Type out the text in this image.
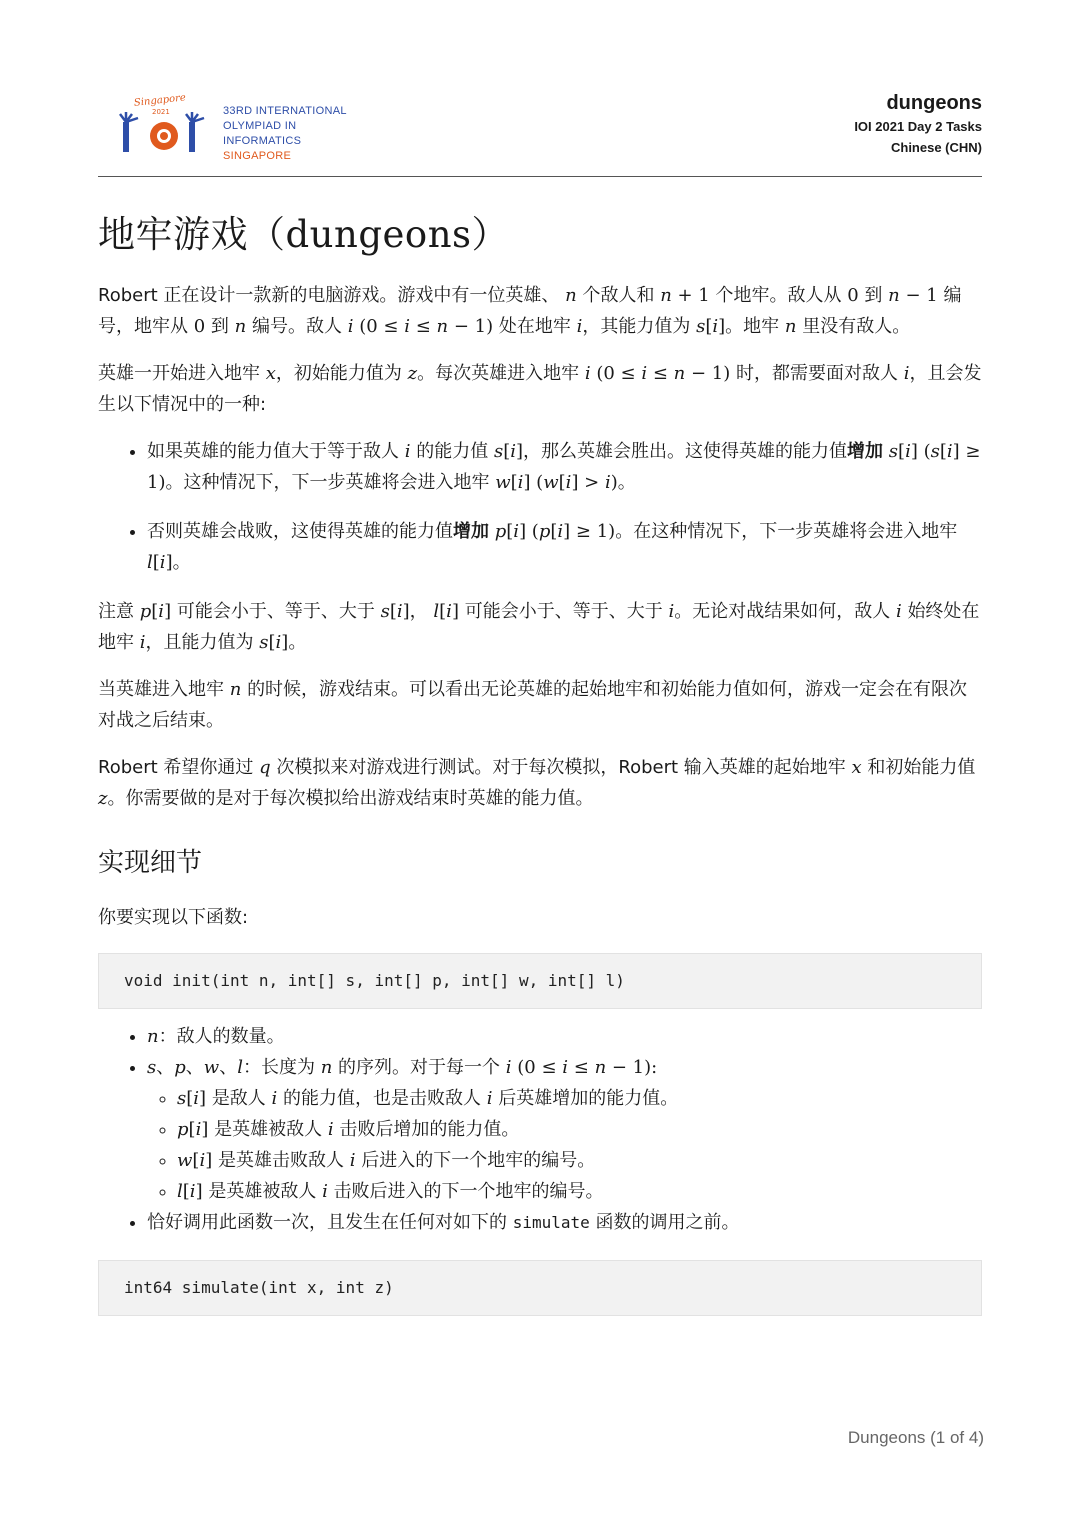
Singapore
2021	33RD INTERNATIONAL
OLYMPIAD IN INFORMATICS
SINGAPORE
dungeons
IOI 2021 Day 2 Tasks
Chinese (CHN)
地牢游戏（dungeons）

Robert 正在设计一款新的电脑游戏。游戏中有一位英雄、 n 个敌人和 n + 1 个地牢。敌人从 0 到 n − 1 编号，地牢从 0 到 n 编号。敌人 i (0 ≤ i ≤ n − 1) 处在地牢 i，其能力值为 s[i]。地牢 n 里没有敌人。

英雄一开始进入地牢 x，初始能力值为 z。每次英雄进入地牢 i (0 ≤ i ≤ n − 1) 时，都需要面对敌人 i，且会发生以下情况中的一种:

• 如果英雄的能力值大于等于敌人 i 的能力值 s[i]，那么英雄会胜出。这使得英雄的能力值增加 s[i] (s[i] ≥ 1)。这种情况下，下一步英雄将会进入地牢 w[i] (w[i] > i)。
• 否则英雄会战败，这使得英雄的能力值增加 p[i] (p[i] ≥ 1)。在这种情况下，下一步英雄将会进入地牢 l[i]。

注意 p[i] 可能会小于、等于、大于 s[i]， l[i] 可能会小于、等于、大于 i。无论对战结果如何，敌人 i 始终处在地牢 i，且能力值为 s[i]。

当英雄进入地牢 n 的时候，游戏结束。可以看出无论英雄的起始地牢和初始能力值如何，游戏一定会在有限次对战之后结束。

Robert 希望你通过 q 次模拟来对游戏进行测试。对于每次模拟，Robert 输入英雄的起始地牢 x 和初始能力值 z。你需要做的是对于每次模拟给出游戏结束时英雄的能力值。

实现细节

你要实现以下函数:

void init(int n, int[] s, int[] p, int[] w, int[] l)
• n：敌人的数量。
• s、p、w、l：长度为 n 的序列。对于每一个 i (0 ≤ i ≤ n − 1):
◦ s[i] 是敌人 i 的能力值，也是击败敌人 i 后英雄增加的能力值。
◦ p[i] 是英雄被敌人 i 击败后增加的能力值。
◦ w[i] 是英雄击败敌人 i 后进入的下一个地牢的编号。
◦ l[i] 是英雄被敌人 i 击败后进入的下一个地牢的编号。
• 恰好调用此函数一次，且发生在任何对如下的 simulate 函数的调用之前。
int64 simulate(int x, int z)
Dungeons (1 of 4)
